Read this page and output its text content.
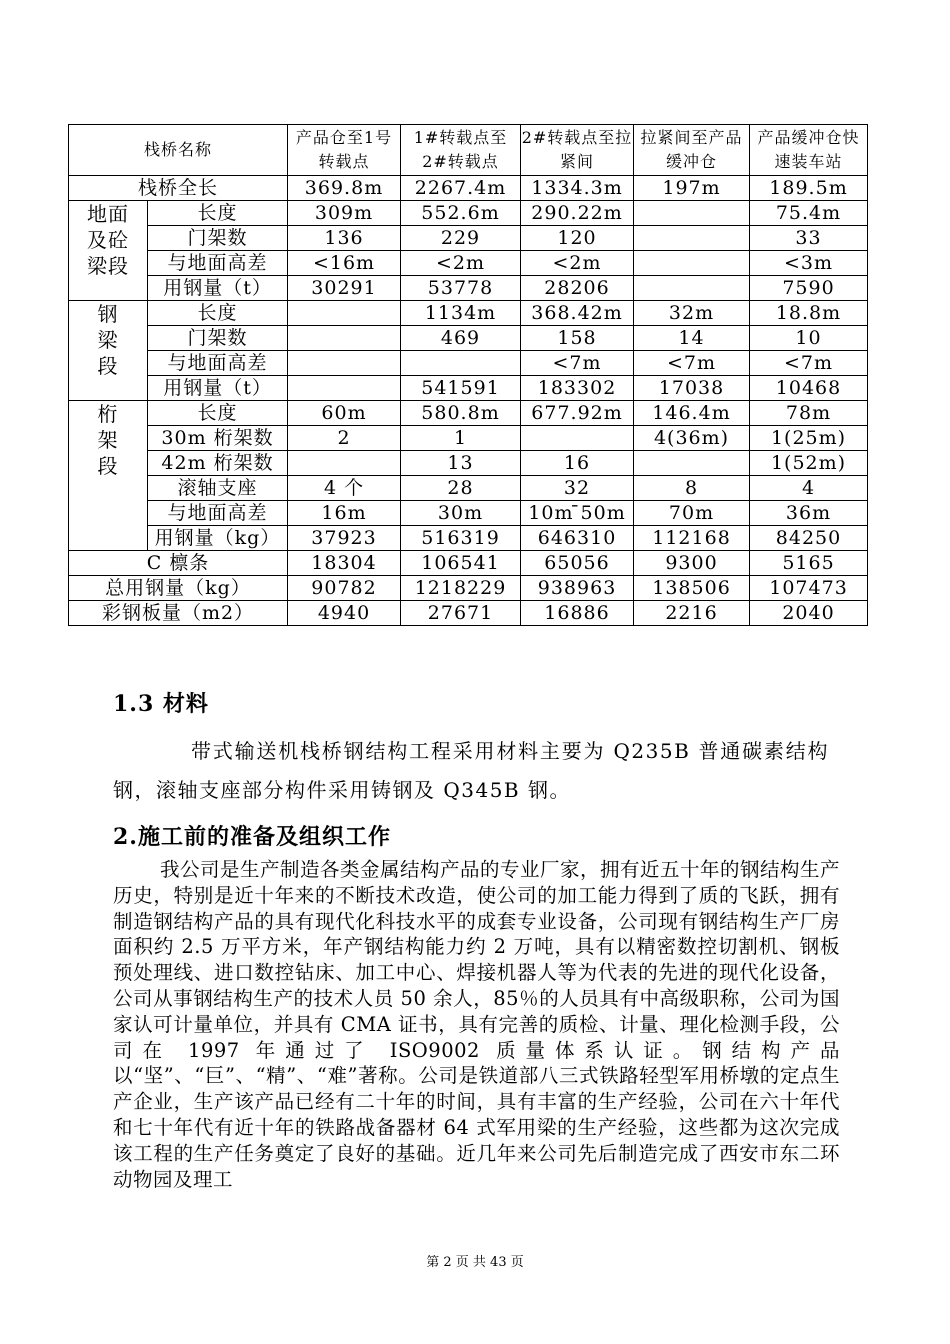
栈桥名称		产品仓至1号转载点	1#转载点至2#转载点	2#转载点至拉紧间	拉紧间至产品缓冲仓	产品缓冲仓快速装车站
栈桥全长		369.8m	2267.4m	1334.3m	197m	189.5m

地面
及砼
梁段	长度	309m	552.6m	290.22m		75.4m
	门架数	136	229	120		33
	与地面高差	<16m	<2m	<2m		<3m
	用钢量（t）	30291	53778	28206		7590

钢
梁
段	长度		1134m	368.42m	32m	18.8m
	门架数		469	158	14	10
	与地面高差			<7m	<7m	<7m
	用钢量（t）		541591	183302	17038	10468

桁
架
段	长度	60m	580.8m	677.92m	146.4m	78m
	30m 桁架数	2	1		4(36m)	1(25m)
	42m 桁架数		13	16		1(52m)
	滚轴支座	4 个	28	32	8	4
	与地面高差	16m	30m	10m ̄50m	70m	36m
	用钢量（kg）	37923	516319	646310	112168	84250
C 檩条		18304	106541	65056	9300	5165
总用钢量（kg）		90782	1218229	938963	138506	107473
彩钢板量（m2）		4940	27671	16886	2216	2040
1.3 材料

带式输送机栈桥钢结构工程采用材料主要为 Q235B 普通碳素结构钢，滚轴支座部分构件采用铸钢及 Q345B 钢。

2.施工前的准备及组织工作

我公司是生产制造各类金属结构产品的专业厂家，拥有近五十年的钢结构生产历史，特别是近十年来的不断技术改造，使公司的加工能力得到了质的飞跃，拥有制造钢结构产品的具有现代化科技水平的成套专业设备，公司现有钢结构生产厂房面积约 2.5 万平方米，年产钢结构能力约 2 万吨，具有以精密数控切割机、钢板预处理线、进口数控钻床、加工中心、焊接机器人等为代表的先进的现代化设备，公司从事钢结构生产的技术人员 50 余人，85％的人员具有中高级职称，公司为国家认可计量单位，并具有 CMA 证书，具有完善的质检、计量、理化检测手段，公司在 1997 年通过了 ISO9002 质量体系认证。钢结构产品以“坚”、“巨”、“精”、“难”著称。公司是铁道部八三式铁路轻型军用桥墩的定点生产企业，生产该产品已经有二十年的时间，具有丰富的生产经验，公司在六十年代和七十年代有近十年的铁路战备器材 64 式军用梁的生产经验，这些都为这次完成该工程的生产任务奠定了良好的基础。近几年来公司先后制造完成了西安市东二环动物园及理工

第 2 页 共 43 页
